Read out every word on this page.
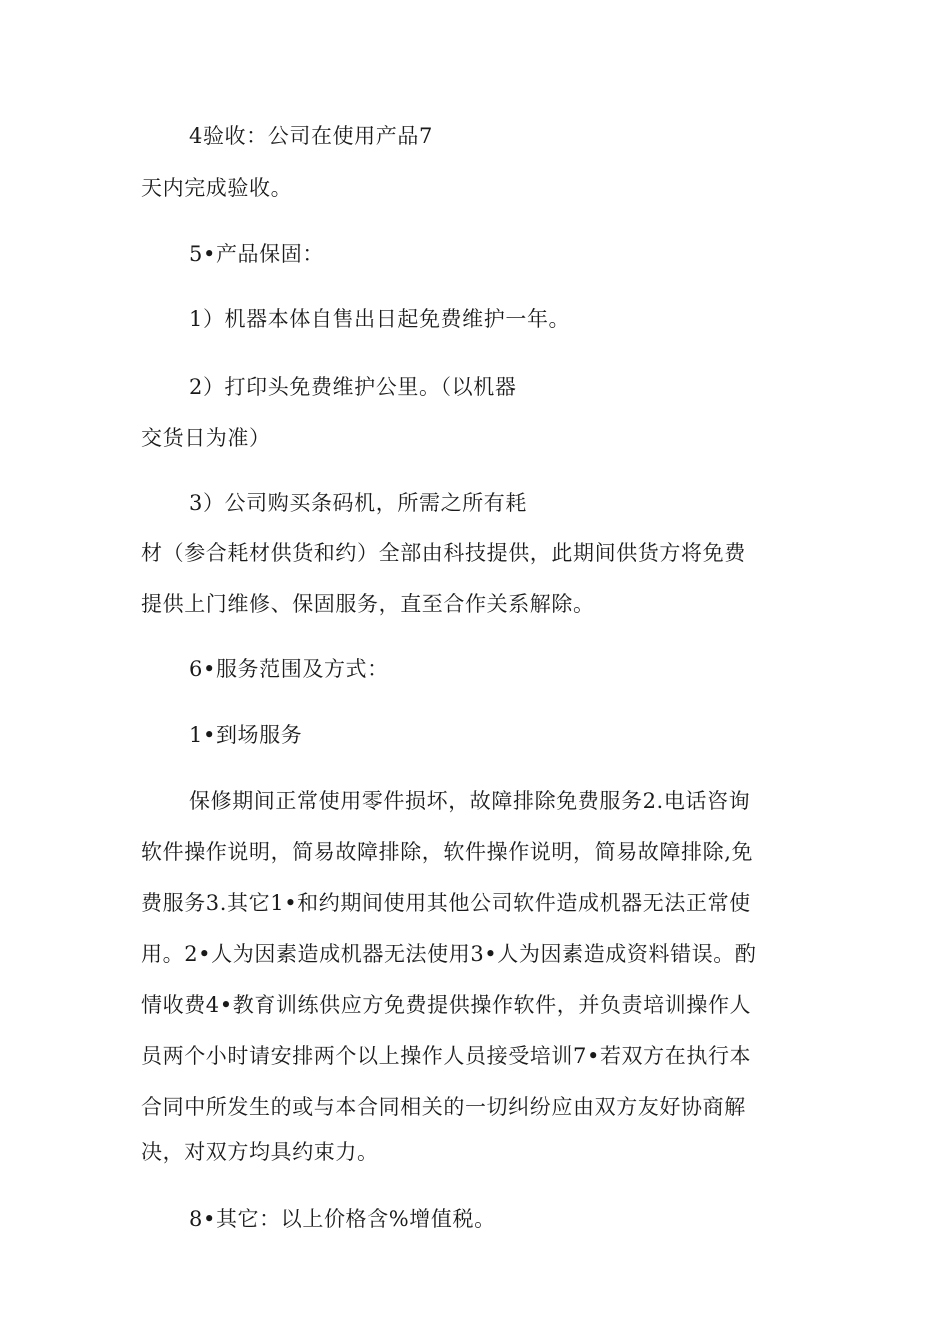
4验收：公司在使用产品7
天内完成验收。
5•产品保固：
1）机器本体自售出日起免费维护一年。
2）打印头免费维护公里。（以机器
交货日为准）
3）公司购买条码机，所需之所有耗
材（参合耗材供货和约）全部由科技提供，此期间供货方将免费
提供上门维修、保固服务，直至合作关系解除。
6•服务范围及方式：
1•到场服务
保修期间正常使用零件损坏，故障排除免费服务2.电话咨询
软件操作说明，简易故障排除，软件操作说明，简易故障排除,免
费服务3.其它1•和约期间使用其他公司软件造成机器无法正常使
用。2•人为因素造成机器无法使用3•人为因素造成资料错误。酌
情收费4•教育训练供应方免费提供操作软件，并负责培训操作人
员两个小时请安排两个以上操作人员接受培训7•若双方在执行本
合同中所发生的或与本合同相关的一切纠纷应由双方友好协商解
决，对双方均具约束力。
8•其它：以上价格含%增值税。
